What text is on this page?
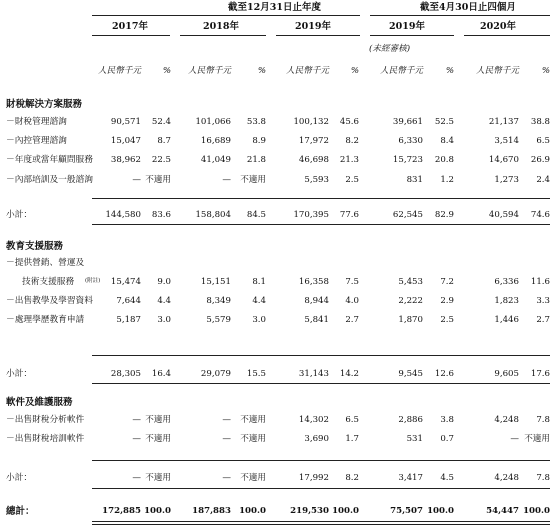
截至12月31日止年度	截至4月30日止四個月
2017年	2018年	2019年	2019年	2020年
(未經審核)
人民幣千元	%	人民幣千元	%	人民幣千元	%	人民幣千元	%	人民幣千元	%
財稅解決方案服務
－財稅管理諮詢	90,571	52.4	101,066	53.8	100,132	45.6	39,661	52.5	21,137	38.8
－內控管理諮詢	15,047	8.7	16,689	8.9	17,972	8.2	6,330	8.4	3,514	6.5
－年度或當年顧問服務	38,962	22.5	41,049	21.8	46,698	21.3	15,723	20.8	14,670	26.9
－內部培訓及一般諮詢	— 不適用	—	不適用	5,593	2.5	831	1.2	1,273	2.4
小計：	144,580	83.6	158,804	84.5	170,395	77.6	62,545	82.9	40,594	74.6
教育支援服務
－提供營銷、營運及
技術支援服務 (附註)	15,474	9.0	15,151	8.1	16,358	7.5	5,453	7.2	6,336	11.6
－出售教學及學習資料	7,644	4.4	8,349	4.4	8,944	4.0	2,222	2.9	1,823	3.3
－處理學歷教育申請	5,187	3.0	5,579	3.0	5,841	2.7	1,870	2.5	1,446	2.7
小計：	28,305	16.4	29,079	15.5	31,143	14.2	9,545	12.6	9,605	17.6
軟件及維護服務
－出售財稅分析軟件	— 不適用	—	不適用	14,302	6.5	2,886	3.8	4,248	7.8
－出售財稅培訓軟件	— 不適用	—	不適用	3,690	1.7	531	0.7	— 不適用
小計：	— 不適用	—	不適用	17,992	8.2	3,417	4.5	4,248	7.8
總計：	172,885 100.0	187,883 100.0	219,530 100.0	75,507 100.0	54,447 100.0
